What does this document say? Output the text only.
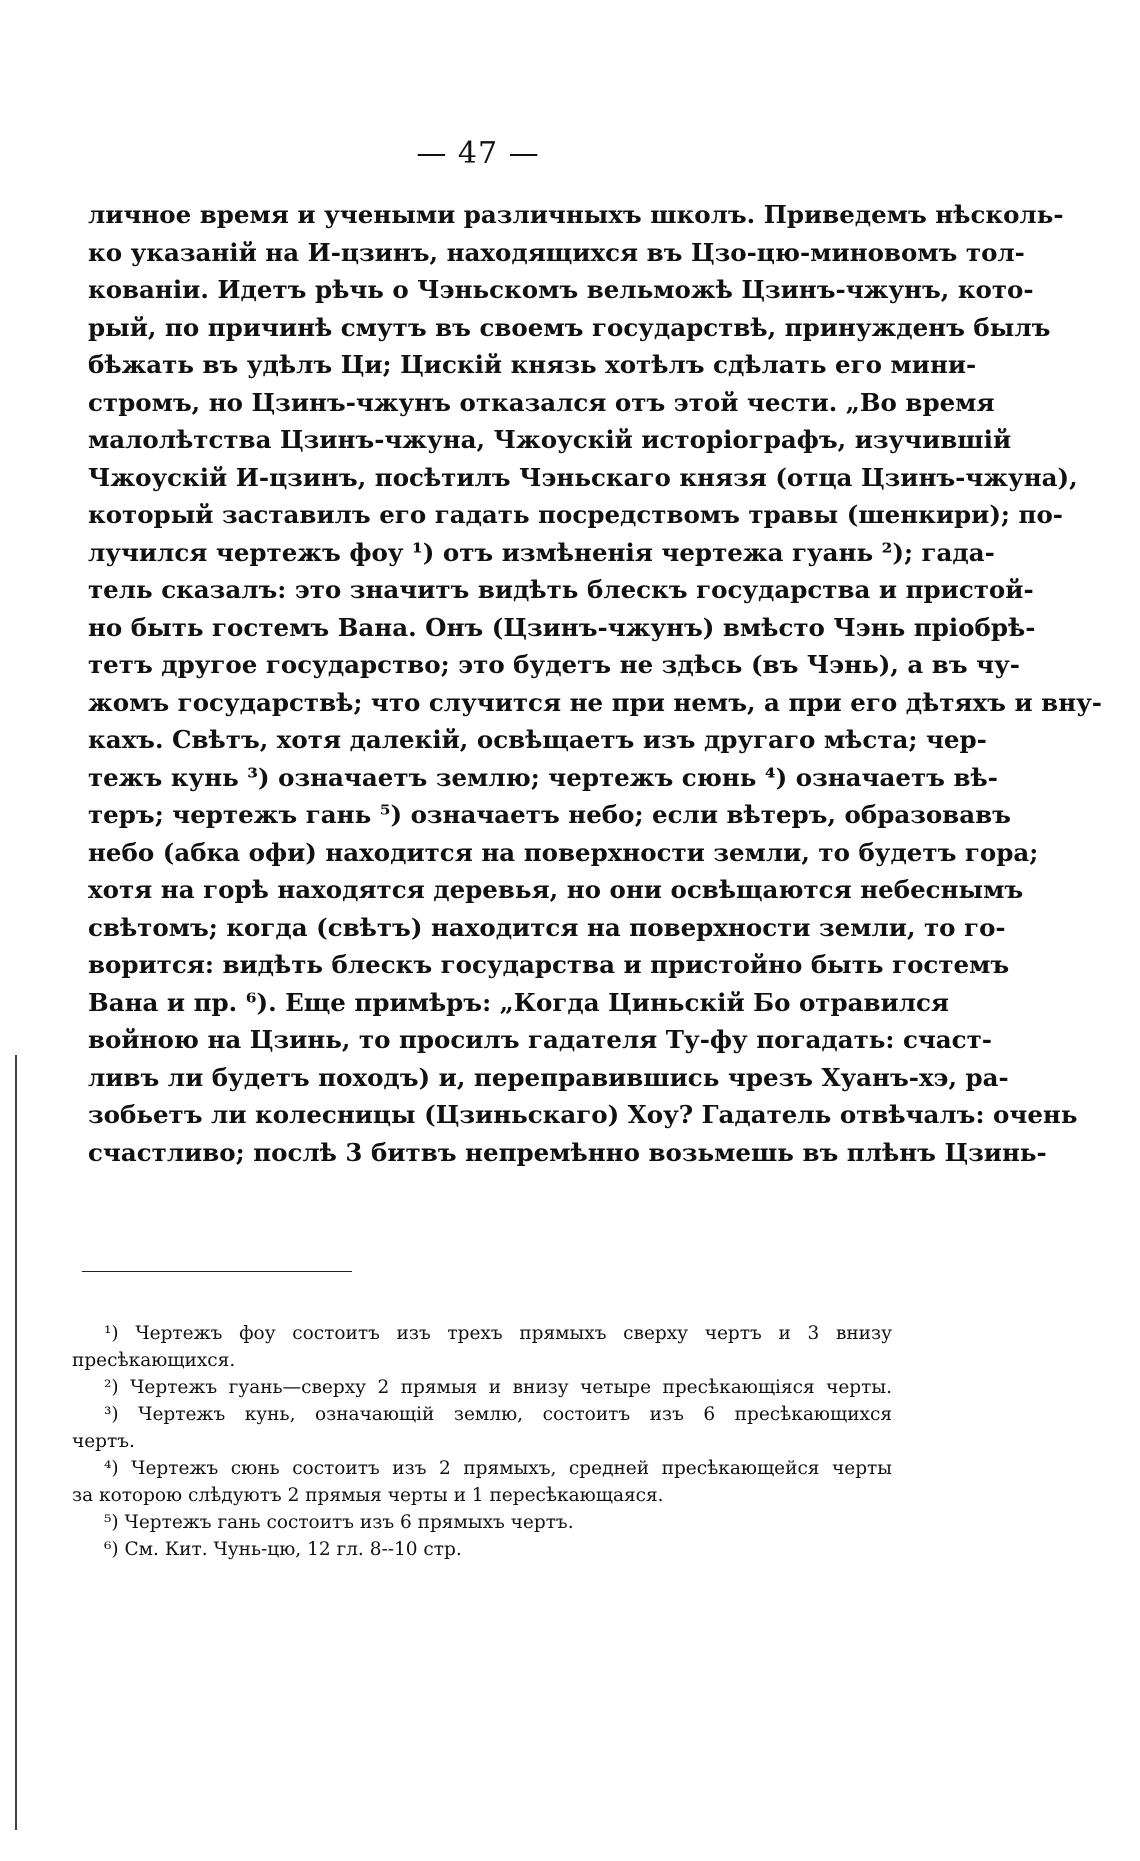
— 47 —
личное время и учеными различныхъ школъ. Приведемъ нѣсколь-
ко указаній на И-цзинъ, находящихся въ Цзо-цю-миновомъ тол-
кованіи. Идетъ рѣчь о Чэньскомъ вельможѣ Цзинъ-чжунъ, кото-
рый, по причинѣ смутъ въ своемъ государствѣ, принужденъ былъ
бѣжать въ удѣлъ Ци; Цискій князь хотѣлъ сдѣлать его мини-
стромъ, но Цзинъ-чжунъ отказался отъ этой чести. „Во время
малолѣтства Цзинъ-чжуна, Чжоускій исторіографъ, изучившій
Чжоускій И-цзинъ, посѣтилъ Чэньскаго князя (отца Цзинъ-чжуна),
который заставилъ его гадать посредствомъ травы (шенкири); по-
лучился чертежъ фоу ¹) отъ измѣненія чертежа гуань ²); гада-
тель сказалъ: это значитъ видѣть блескъ государства и пристой-
но быть гостемъ Вана. Онъ (Цзинъ-чжунъ) вмѣсто Чэнь пріобрѣ-
тетъ другое государство; это будетъ не здѣсь (въ Чэнь), а въ чу-
жомъ государствѣ; что случится не при немъ, а при его дѣтяхъ и вну-
кахъ. Свѣтъ, хотя далекій, освѣщаетъ изъ другаго мѣста; чер-
тежъ кунь ³) означаетъ землю; чертежъ сюнь ⁴) означаетъ вѣ-
теръ; чертежъ гань ⁵) означаетъ небо; если вѣтеръ, образовавъ
небо (абка офи) находится на поверхности земли, то будетъ гора;
хотя на горѣ находятся деревья, но они освѣщаются небеснымъ
свѣтомъ; когда (свѣтъ) находится на поверхности земли, то го-
ворится: видѣть блескъ государства и пристойно быть гостемъ
Вана и пр. ⁶). Еще примѣръ: „Когда Циньскій Бо отравился
войною на Цзинь, то просилъ гадателя Ту-фу погадать: счаст-
ливъ ли будетъ походъ) и, переправившись чрезъ Хуанъ-хэ, ра-
зобьетъ ли колесницы (Цзиньскаго) Хоу? Гадатель отвѣчалъ: очень
счастливо; послѣ 3 битвъ непремѣнно возьмешь въ плѣнъ Цзинь-
¹) Чертежъ фоу состоитъ изъ трехъ прямыхъ сверху чертъ и 3 внизу
пресѣкающихся.
²) Чертежъ гуань—сверху 2 прямыя и внизу четыре пресѣкающіяся черты.
³) Чертежъ кунь, означающій землю, состоитъ изъ 6 пресѣкающихся
чертъ.
⁴) Чертежъ сюнь состоитъ изъ 2 прямыхъ, средней пресѣкающейся черты
за которою слѣдуютъ 2 прямыя черты и 1 пересѣкающаяся.
⁵) Чертежъ гань состоитъ изъ 6 прямыхъ чертъ.
⁶) См. Кит. Чунь-цю, 12 гл. 8--10 стр.
